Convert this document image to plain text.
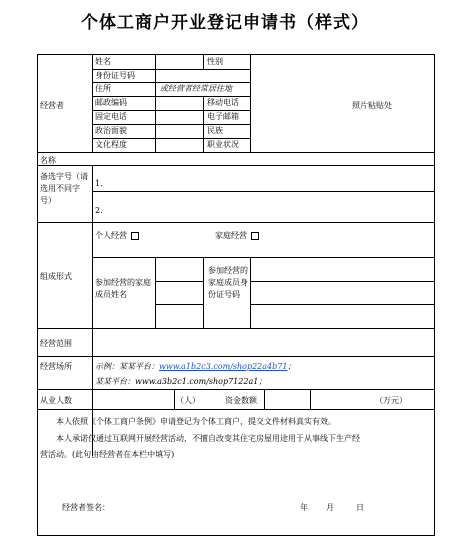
个体工商户开业登记申请书（样式）
经营者
姓名	性别
身份证号码
住所	或经营者经常居住地
邮政编码	移动电话
固定电话	电子邮箱
政治面貌	民族
文化程度	职业状况
照片粘贴处
名称
备选字号（请选用不同字号）
1.
2.
组成形式
个人经营	家庭经营
参加经营的家庭成员姓名
参加经营的家庭成员身份证号码
经营范围
经营场所	示例：某某平台：www.a1b2c3.com/shop22a4b71；
某某平台：www.a3b2c1.com/shop7122a1；
从业人数	（人）	资金数额	（万元）
本人依照《个体工商户条例》申请登记为个体工商户，提交文件材料真实有效。
本人承诺仅通过互联网开展经营活动，不擅自改变其住宅房屋用途用于从事线下生产经
营活动。(此句由经营者在本栏中填写)
经营者签名：	年 月	日
